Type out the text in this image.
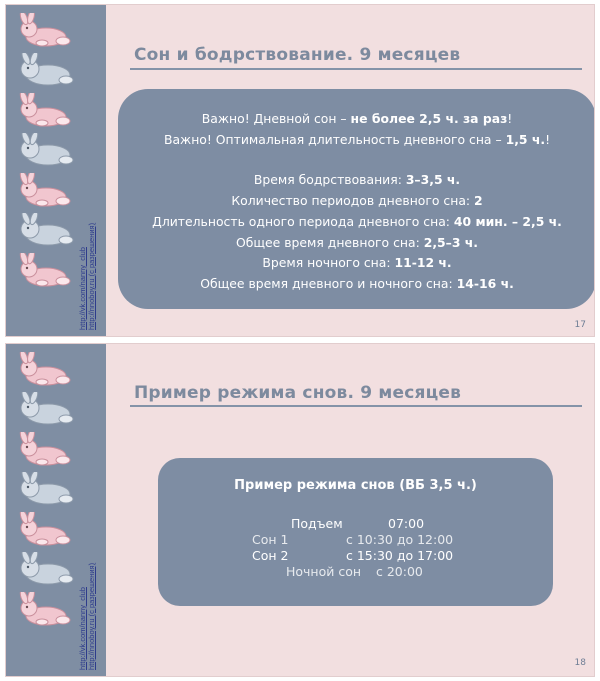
http://vk.com/nanny_club http://nnoboy.ru (с разрешения)
Сон и бодрствование. 9 месяцев
Важно! Дневной сон – не более 2,5 ч. за раз!
Важно! Оптимальная длительность дневного сна – 1,5 ч.!
Время бодрствования: 3–3,5 ч.
Количество периодов дневного сна: 2
Длительность одного периода дневного сна: 40 мин. – 2,5 ч.
Общее время дневного сна: 2,5–3 ч.
Время ночного сна: 11-12 ч.
Общее время дневного и ночного сна: 14-16 ч.
17
http://vk.com/nanny_club http://nnoboy.ru (с разрешения)
Пример режима снов. 9 месяцев
Пример режима снов (ВБ 3,5 ч.)
Подъем	07:00
Сон 1	с 10:30 до 12:00
Сон 2	с 15:30 до 17:00
Ночной сон с 20:00
18
